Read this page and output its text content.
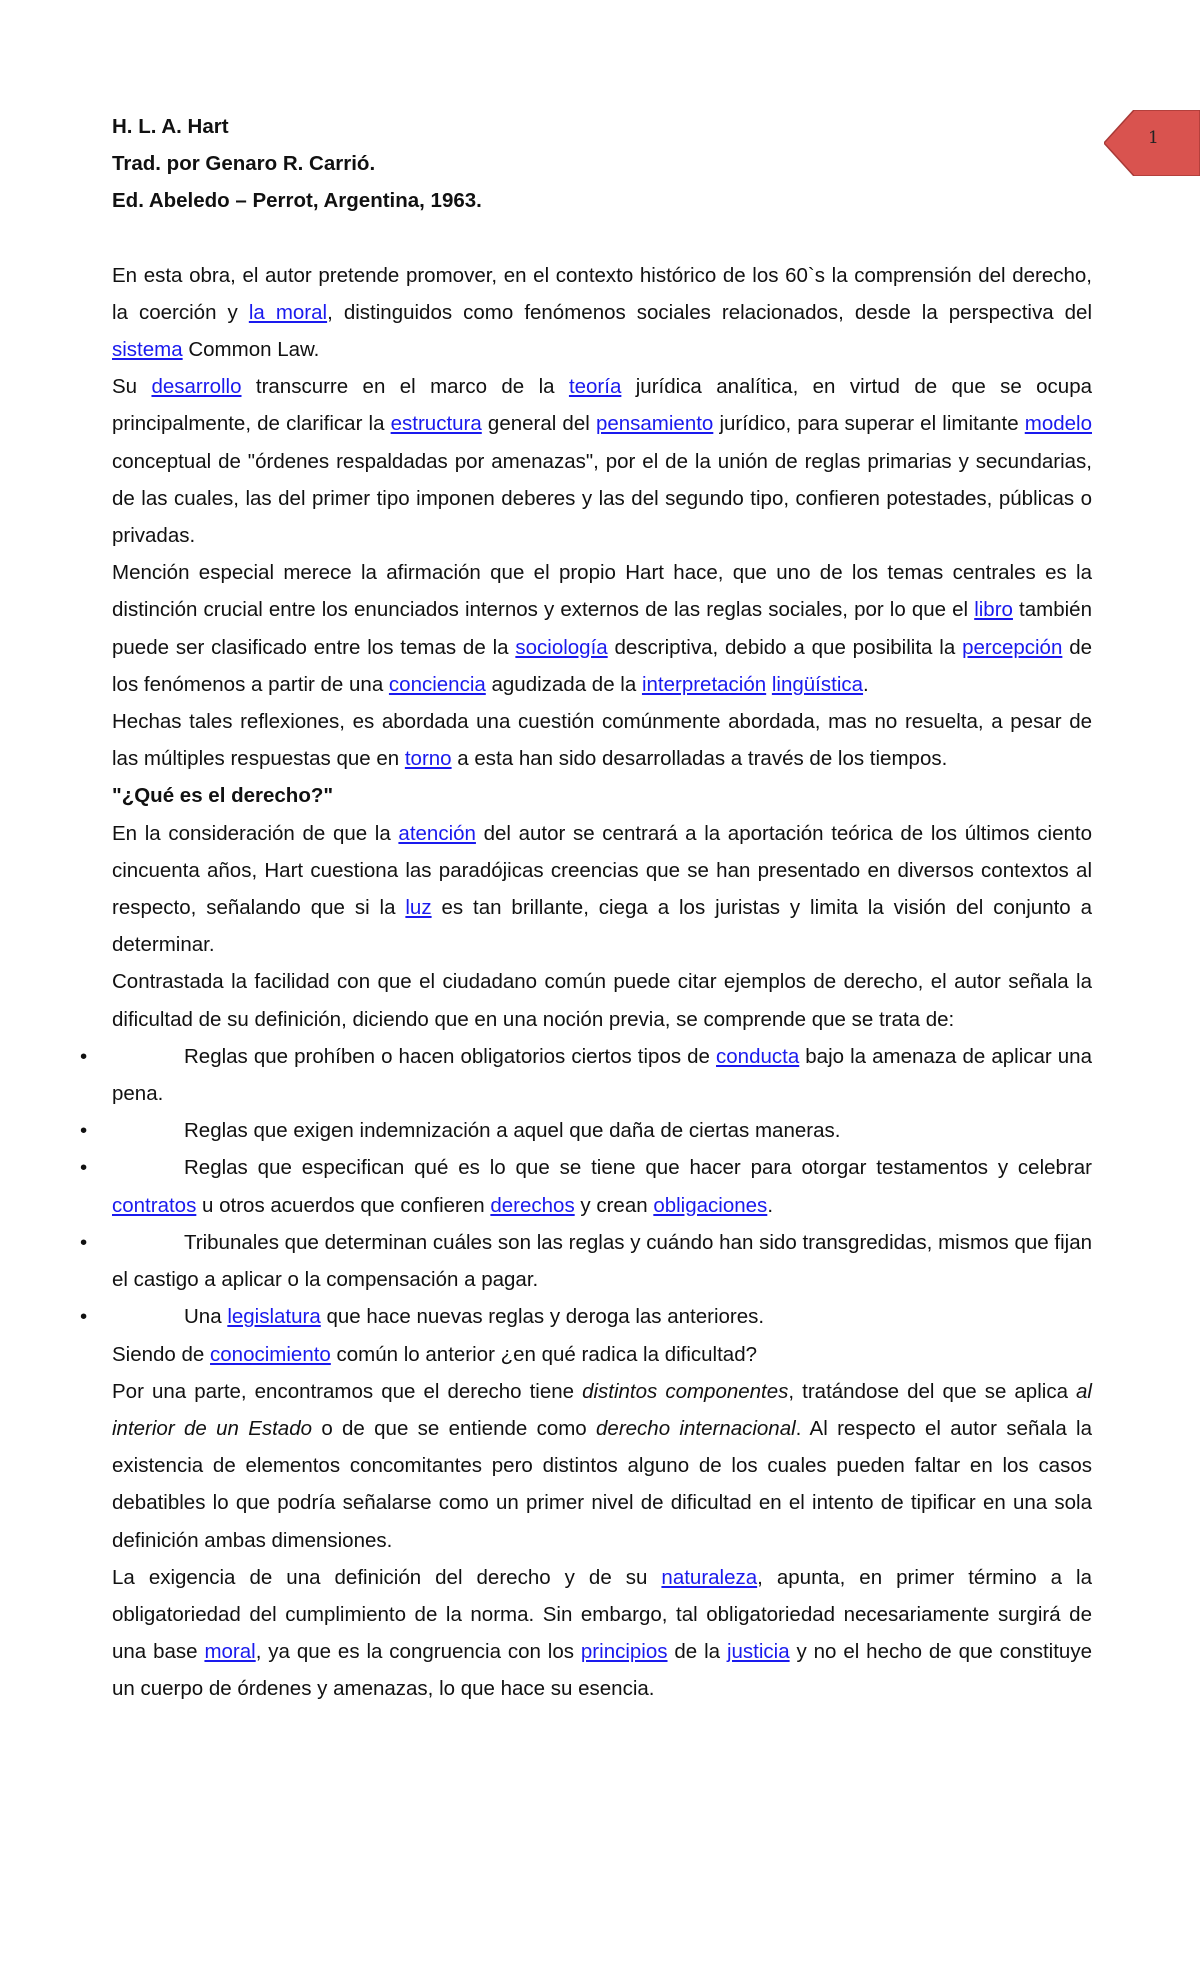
1
H. L. A. Hart
Trad. por Genaro R. Carrió.
Ed. Abeledo – Perrot, Argentina, 1963.

En esta obra, el autor pretende promover, en el contexto histórico de los 60`s la comprensión del derecho, la coerción y la moral, distinguidos como fenómenos sociales relacionados, desde la perspectiva del sistema Common Law.

Su desarrollo transcurre en el marco de la teoría jurídica analítica, en virtud de que se ocupa principalmente, de clarificar la estructura general del pensamiento jurídico, para superar el limitante modelo conceptual de "órdenes respaldadas por amenazas", por el de la unión de reglas primarias y secundarias, de las cuales, las del primer tipo imponen deberes y las del segundo tipo, confieren potestades, públicas o privadas.

Mención especial merece la afirmación que el propio Hart hace, que uno de los temas centrales es la distinción crucial entre los enunciados internos y externos de las reglas sociales, por lo que el libro también puede ser clasificado entre los temas de la sociología descriptiva, debido a que posibilita la percepción de los fenómenos a partir de una conciencia agudizada de la interpretación lingüística.

Hechas tales reflexiones, es abordada una cuestión comúnmente abordada, mas no resuelta, a pesar de las múltiples respuestas que en torno a esta han sido desarrolladas a través de los tiempos.

"¿Qué es el derecho?"

En la consideración de que la atención del autor se centrará a la aportación teórica de los últimos ciento cincuenta años, Hart cuestiona las paradójicas creencias que se han presentado en diversos contextos al respecto, señalando que si la luz es tan brillante, ciega a los juristas y limita la visión del conjunto a determinar.

Contrastada la facilidad con que el ciudadano común puede citar ejemplos de derecho, el autor señala la dificultad de su definición, diciendo que en una noción previa, se comprende que se trata de:

•	Reglas que prohíben o hacen obligatorios ciertos tipos de conducta bajo la amenaza de aplicar una pena.
•	Reglas que exigen indemnización a aquel que daña de ciertas maneras.
•	Reglas que especifican qué es lo que se tiene que hacer para otorgar testamentos y celebrar contratos u otros acuerdos que confieren derechos y crean obligaciones.
•	Tribunales que determinan cuáles son las reglas y cuándo han sido transgredidas, mismos que fijan el castigo a aplicar o la compensación a pagar.
•	Una legislatura que hace nuevas reglas y deroga las anteriores.

Siendo de conocimiento común lo anterior ¿en qué radica la dificultad?

Por una parte, encontramos que el derecho tiene distintos componentes, tratándose del que se aplica al interior de un Estado o de que se entiende como derecho internacional. Al respecto el autor señala la existencia de elementos concomitantes pero distintos alguno de los cuales pueden faltar en los casos debatibles lo que podría señalarse como un primer nivel de dificultad en el intento de tipificar en una sola definición ambas dimensiones.

La exigencia de una definición del derecho y de su naturaleza, apunta, en primer término a la obligatoriedad del cumplimiento de la norma. Sin embargo, tal obligatoriedad necesariamente surgirá de una base moral, ya que es la congruencia con los principios de la justicia y no el hecho de que constituye un cuerpo de órdenes y amenazas, lo que hace su esencia.
